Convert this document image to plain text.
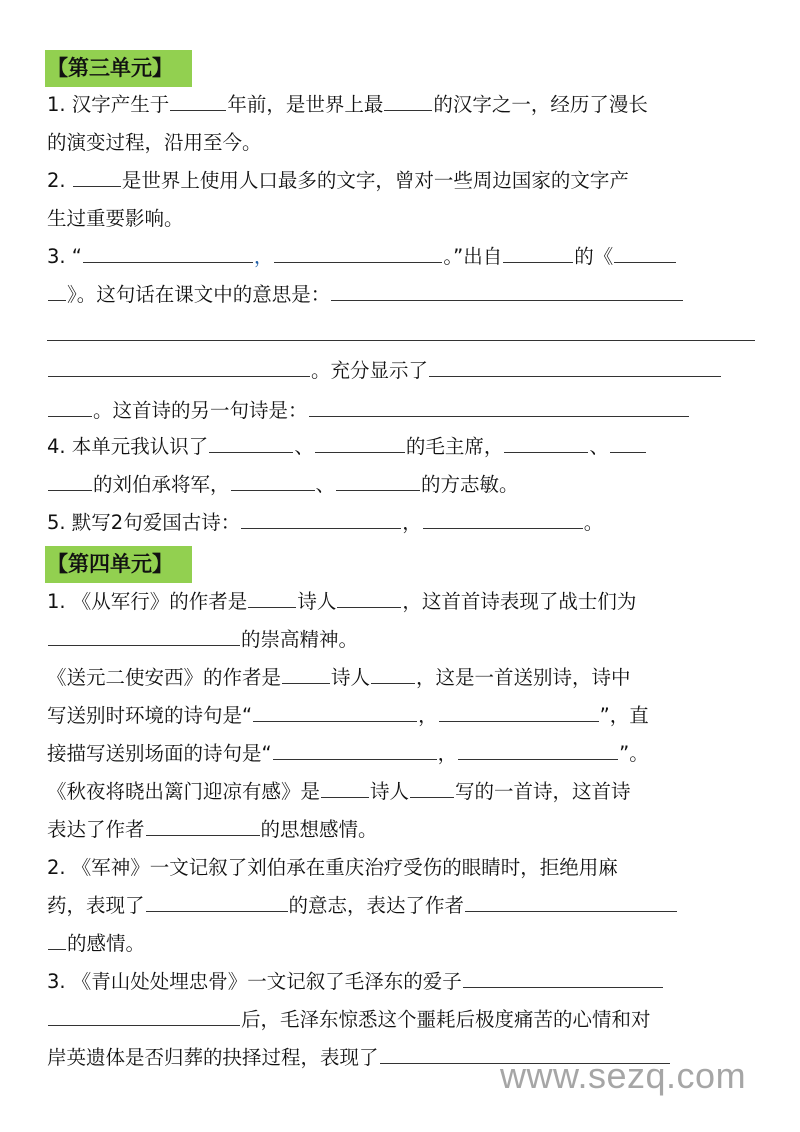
【第三单元】
1. 汉字产生于	年前，是世界上最	的汉字之一，经历了漫长
的演变过程，沿用至今。
2.	是世界上使用人口最多的文字，曾对一些周边国家的文字产
生过重要影响。
3. “	，	。”出自	的《
》。这句话在课文中的意思是：
。充分显示了
。这首诗的另一句诗是：
4. 本单元我认识了	、	的毛主席，	、
的刘伯承将军，	、	的方志敏。
5. 默写2句爱国古诗：	，	。
【第四单元】
1. 《从军行》的作者是	诗人	，这首首诗表现了战士们为
的崇高精神。
《送元二使安西》的作者是	诗人 ，这是一首送别诗，诗中
写送别时环境的诗句是“	，	”，直
接描写送别场面的诗句是“	，	”。
《秋夜将晓出篱门迎凉有感》是	诗人 写的一首诗，这首诗
表达了作者	的思想感情。
2. 《军神》一文记叙了刘伯承在重庆治疗受伤的眼睛时，拒绝用麻
药，表现了	的意志，表达了作者
的感情。
3. 《青山处处埋忠骨》一文记叙了毛泽东的爱子
后，毛泽东惊悉这个噩耗后极度痛苦的心情和对
岸英遗体是否归葬的抉择过程，表现了	www.sezq.com
